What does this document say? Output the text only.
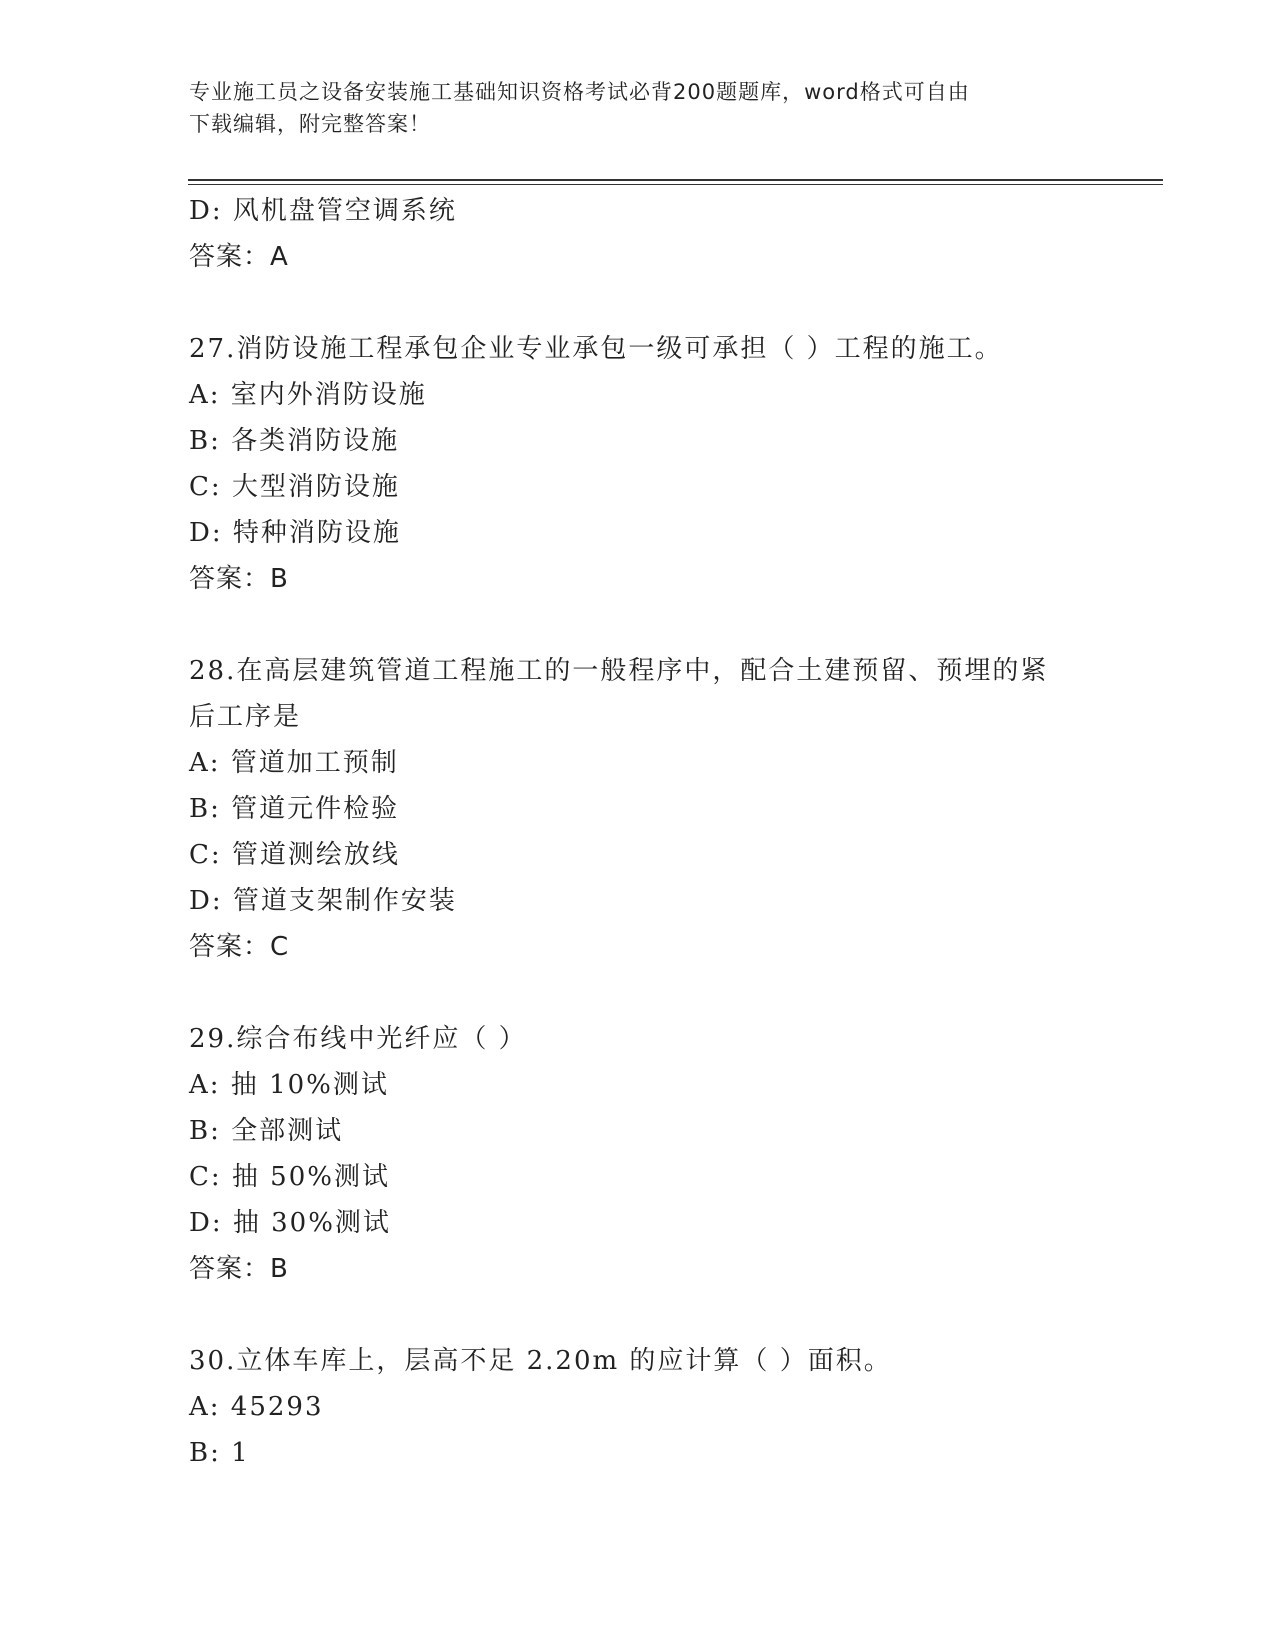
专业施工员之设备安装施工基础知识资格考试必背200题题库，word格式可自由
下载编辑，附完整答案！
D: 风机盘管空调系统
答案：A
27.消防设施工程承包企业专业承包一级可承担（ ）工程的施工。
A: 室内外消防设施
B: 各类消防设施
C: 大型消防设施
D: 特种消防设施
答案：B
28.在高层建筑管道工程施工的一般程序中，配合土建预留、预埋的紧
后工序是
A: 管道加工预制
B: 管道元件检验
C: 管道测绘放线
D: 管道支架制作安装
答案：C
29.综合布线中光纤应（ ）
A: 抽 10%测试
B: 全部测试
C: 抽 50%测试
D: 抽 30%测试
答案：B
30.立体车库上，层高不足 2.20m 的应计算（ ）面积。
A: 45293
B: 1
